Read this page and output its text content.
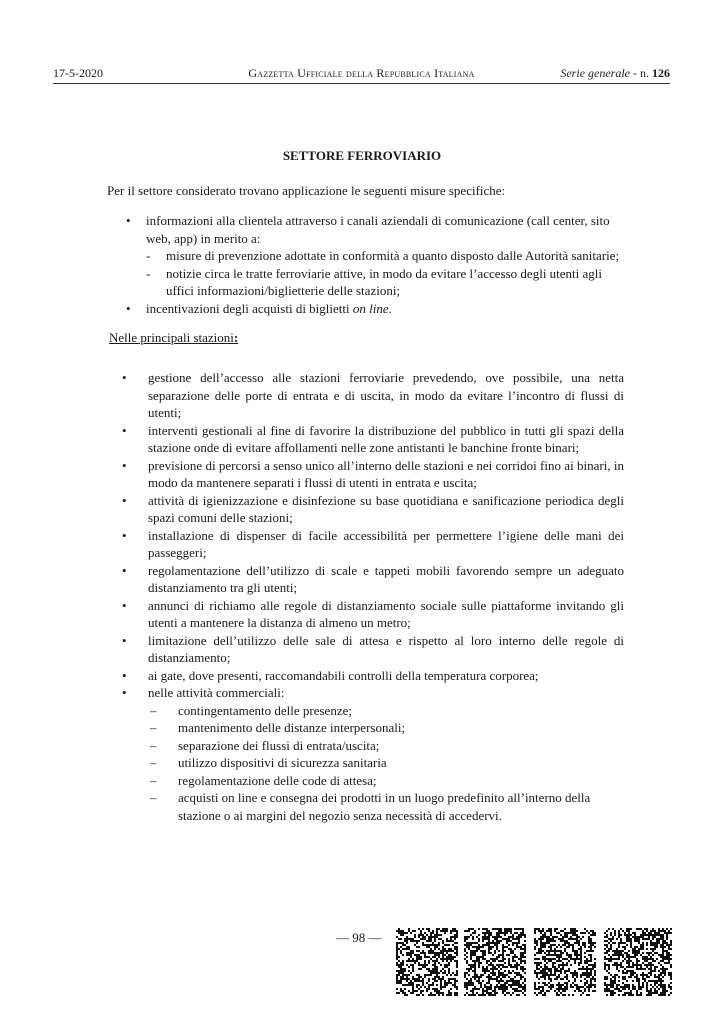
17-5-2020	Gazzetta Ufficiale della Repubblica Italiana	Serie generale - n. 126
SETTORE FERROVIARIO
Per il settore considerato trovano applicazione le seguenti misure specifiche:
• informazioni alla clientela attraverso i canali aziendali di comunicazione (call center, sito web, app) in merito a:
- misure di prevenzione adottate in conformità a quanto disposto dalle Autorità sanitarie;
- notizie circa le tratte ferroviarie attive, in modo da evitare l’accesso degli utenti agli uffici informazioni/biglietterie delle stazioni;
• incentivazioni degli acquisti di biglietti on line.
Nelle principali stazioni:
• gestione dell’accesso alle stazioni ferroviarie prevedendo, ove possibile, una netta separazione delle porte di entrata e di uscita, in modo da evitare l’incontro di flussi di utenti;
• interventi gestionali al fine di favorire la distribuzione del pubblico in tutti gli spazi della stazione onde di evitare affollamenti nelle zone antistanti le banchine fronte binari;
• previsione di percorsi a senso unico all’interno delle stazioni e nei corridoi fino ai binari, in modo da mantenere separati i flussi di utenti in entrata e uscita;
• attività di igienizzazione e disinfezione su base quotidiana e sanificazione periodica degli spazi comuni delle stazioni;
• installazione di dispenser di facile accessibilità per permettere l’igiene delle mani dei passeggeri;
• regolamentazione dell’utilizzo di scale e tappeti mobili favorendo sempre un adeguato distanziamento tra gli utenti;
• annunci di richiamo alle regole di distanziamento sociale sulle piattaforme invitando gli utenti a mantenere la distanza di almeno un metro;
• limitazione dell’utilizzo delle sale di attesa e rispetto al loro interno delle regole di distanziamento;
• ai gate, dove presenti, raccomandabili controlli della temperatura corporea;
• nelle attività commerciali:
– contingentamento delle presenze;
– mantenimento delle distanze interpersonali;
– separazione dei flussi di entrata/uscita;
– utilizzo dispositivi di sicurezza sanitaria
– regolamentazione delle code di attesa;
– acquisti on line e consegna dei prodotti in un luogo predefinito all’interno della stazione o ai margini del negozio senza necessità di accedervi.
— 98 —
